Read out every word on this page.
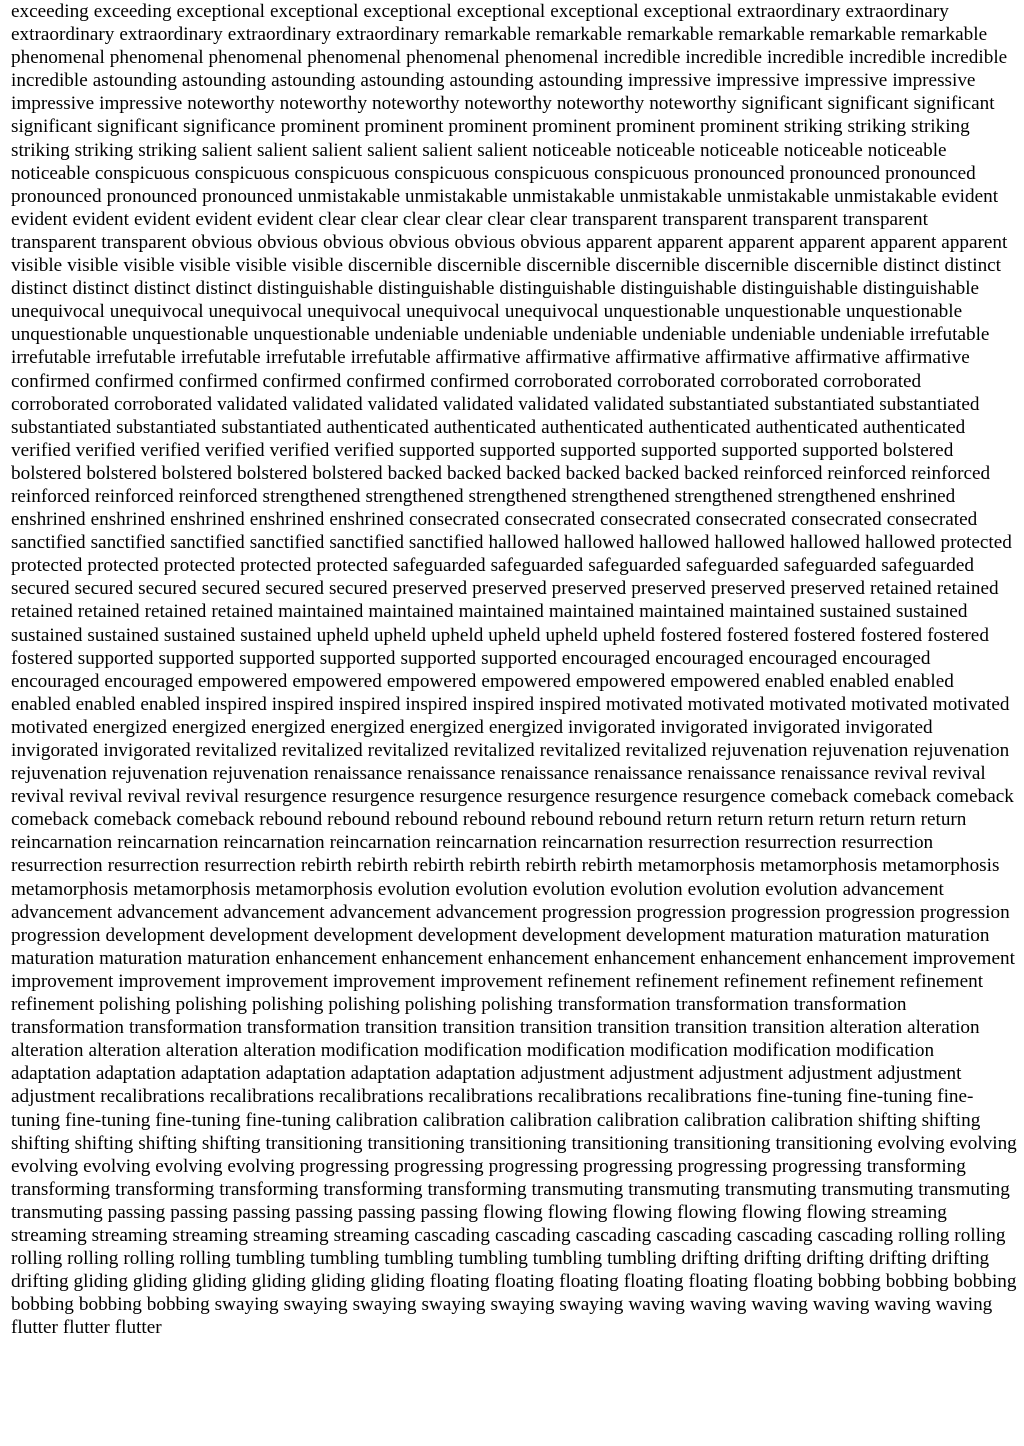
exceeding exceeding exceptional exceptional exceptional exceptional exceptional exceptional extraordinary extraordinary extraordinary extraordinary extraordinary extraordinary remarkable remarkable remarkable remarkable remarkable remarkable phenomenal phenomenal phenomenal phenomenal phenomenal phenomenal incredible incredible incredible incredible incredible incredible astounding astounding astounding astounding astounding astounding impressive impressive impressive impressive impressive impressive noteworthy noteworthy noteworthy noteworthy noteworthy noteworthy significant significant significant significant significant significance prominent prominent prominent prominent prominent prominent striking striking striking striking striking striking salient salient salient salient salient salient noticeable noticeable noticeable noticeable noticeable noticeable conspicuous conspicuous conspicuous conspicuous conspicuous conspicuous pronounced pronounced pronounced pronounced pronounced pronounced unmistakable unmistakable unmistakable unmistakable unmistakable unmistakable evident evident evident evident evident evident clear clear clear clear clear clear transparent transparent transparent transparent transparent transparent obvious obvious obvious obvious obvious obvious apparent apparent apparent apparent apparent apparent visible visible visible visible visible visible discernible discernible discernible discernible discernible discernible distinct distinct distinct distinct distinct distinct distinguishable distinguishable distinguishable distinguishable distinguishable distinguishable unequivocal unequivocal unequivocal unequivocal unequivocal unequivocal unquestionable unquestionable unquestionable unquestionable unquestionable unquestionable undeniable undeniable undeniable undeniable undeniable undeniable irrefutable irrefutable irrefutable irrefutable irrefutable irrefutable affirmative affirmative affirmative affirmative affirmative affirmative confirmed confirmed confirmed confirmed confirmed confirmed corroborated corroborated corroborated corroborated corroborated corroborated validated validated validated validated validated validated substantiated substantiated substantiated substantiated substantiated substantiated authenticated authenticated authenticated authenticated authenticated authenticated verified verified verified verified verified verified supported supported supported supported supported supported bolstered bolstered bolstered bolstered bolstered bolstered backed backed backed backed backed backed reinforced reinforced reinforced reinforced reinforced reinforced strengthened strengthened strengthened strengthened strengthened strengthened enshrined enshrined enshrined enshrined enshrined enshrined consecrated consecrated consecrated consecrated consecrated consecrated sanctified sanctified sanctified sanctified sanctified sanctified hallowed hallowed hallowed hallowed hallowed hallowed protected protected protected protected protected protected safeguarded safeguarded safeguarded safeguarded safeguarded safeguarded secured secured secured secured secured secured preserved preserved preserved preserved preserved preserved retained retained retained retained retained retained maintained maintained maintained maintained maintained maintained sustained sustained sustained sustained sustained sustained upheld upheld upheld upheld upheld upheld fostered fostered fostered fostered fostered fostered supported supported supported supported supported supported encouraged encouraged encouraged encouraged encouraged encouraged empowered empowered empowered empowered empowered empowered enabled enabled enabled enabled enabled enabled inspired inspired inspired inspired inspired inspired motivated motivated motivated motivated motivated motivated energized energized energized energized energized energized invigorated invigorated invigorated invigorated invigorated invigorated revitalized revitalized revitalized revitalized revitalized revitalized rejuvenation rejuvenation rejuvenation rejuvenation rejuvenation rejuvenation renaissance renaissance renaissance renaissance renaissance renaissance revival revival revival revival revival revival resurgence resurgence resurgence resurgence resurgence resurgence comeback comeback comeback comeback comeback comeback rebound rebound rebound rebound rebound rebound return return return return return return reincarnation reincarnation reincarnation reincarnation reincarnation reincarnation resurrection resurrection resurrection resurrection resurrection resurrection rebirth rebirth rebirth rebirth rebirth rebirth metamorphosis metamorphosis metamorphosis metamorphosis metamorphosis metamorphosis evolution evolution evolution evolution evolution evolution advancement advancement advancement advancement advancement advancement progression progression progression progression progression progression development development development development development development maturation maturation maturation maturation maturation maturation enhancement enhancement enhancement enhancement enhancement enhancement improvement improvement improvement improvement improvement improvement refinement refinement refinement refinement refinement refinement polishing polishing polishing polishing polishing polishing transformation transformation transformation transformation transformation transformation transition transition transition transition transition transition alteration alteration alteration alteration alteration alteration modification modification modification modification modification modification adaptation adaptation adaptation adaptation adaptation adaptation adjustment adjustment adjustment adjustment adjustment adjustment recalibrations recalibrations recalibrations recalibrations recalibrations recalibrations fine-tuning fine-tuning fine-tuning fine-tuning fine-tuning fine-tuning calibration calibration calibration calibration calibration calibration shifting shifting shifting shifting shifting shifting transitioning transitioning transitioning transitioning transitioning transitioning evolving evolving evolving evolving evolving evolving progressing progressing progressing progressing progressing progressing transforming transforming transforming transforming transforming transforming transmuting transmuting transmuting transmuting transmuting transmuting passing passing passing passing passing passing flowing flowing flowing flowing flowing flowing streaming streaming streaming streaming streaming streaming cascading cascading cascading cascading cascading cascading rolling rolling rolling rolling rolling rolling tumbling tumbling tumbling tumbling tumbling tumbling drifting drifting drifting drifting drifting drifting gliding gliding gliding gliding gliding gliding floating floating floating floating floating floating bobbing bobbing bobbing bobbing bobbing bobbing swaying swaying swaying swaying swaying swaying waving waving waving waving waving waving flutter flutter flutter
